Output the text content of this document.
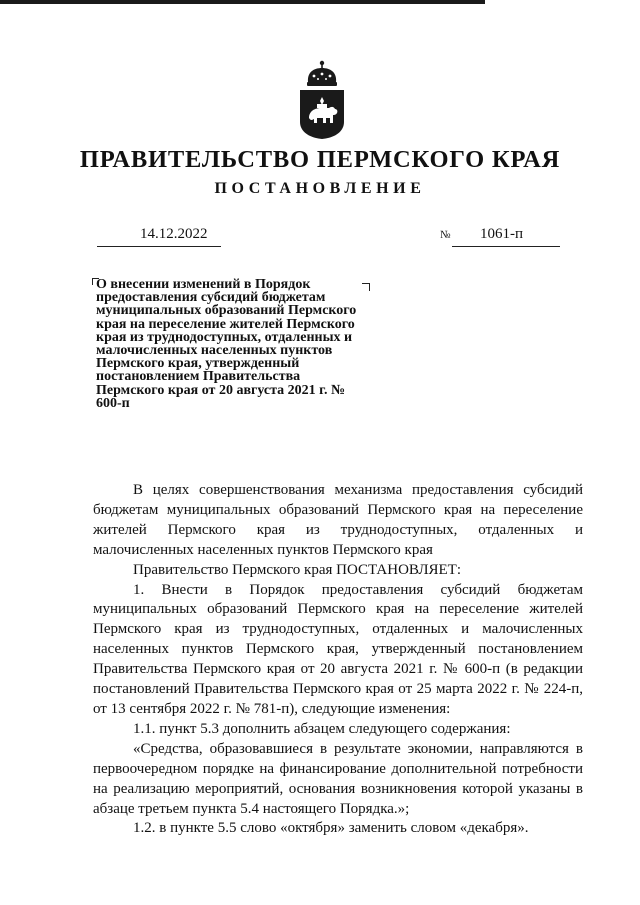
ПРАВИТЕЛЬСТВО ПЕРМСКОГО КРАЯ
ПОСТАНОВЛЕНИЕ
14.12.2022	№ 1061-п

О внесении изменений в Порядок предоставления субсидий бюджетам муниципальных образований Пермского края на переселение жителей Пермского края из труднодоступных, отдаленных и малочисленных населенных пунктов Пермского края, утвержденный постановлением Правительства Пермского края от 20 августа 2021 г. № 600-п

В целях совершенствования механизма предоставления субсидий бюджетам муниципальных образований Пермского края на переселение жителей Пермского края из труднодоступных, отдаленных и малочисленных населенных пунктов Пермского края

Правительство Пермского края ПОСТАНОВЛЯЕТ:

1. Внести в Порядок предоставления субсидий бюджетам муниципальных образований Пермского края на переселение жителей Пермского края из труднодоступных, отдаленных и малочисленных населенных пунктов Пермского края, утвержденный постановлением Правительства Пермского края от 20 августа 2021 г. № 600-п (в редакции постановлений Правительства Пермского края от 25 марта 2022 г. № 224-п, от 13 сентября 2022 г. № 781-п), следующие изменения:

1.1. пункт 5.3 дополнить абзацем следующего содержания:

«Средства, образовавшиеся в результате экономии, направляются в первоочередном порядке на финансирование дополнительной потребности на реализацию мероприятий, основания возникновения которой указаны в абзаце третьем пункта 5.4 настоящего Порядка.»;

1.2. в пункте 5.5 слово «октября» заменить словом «декабря».
